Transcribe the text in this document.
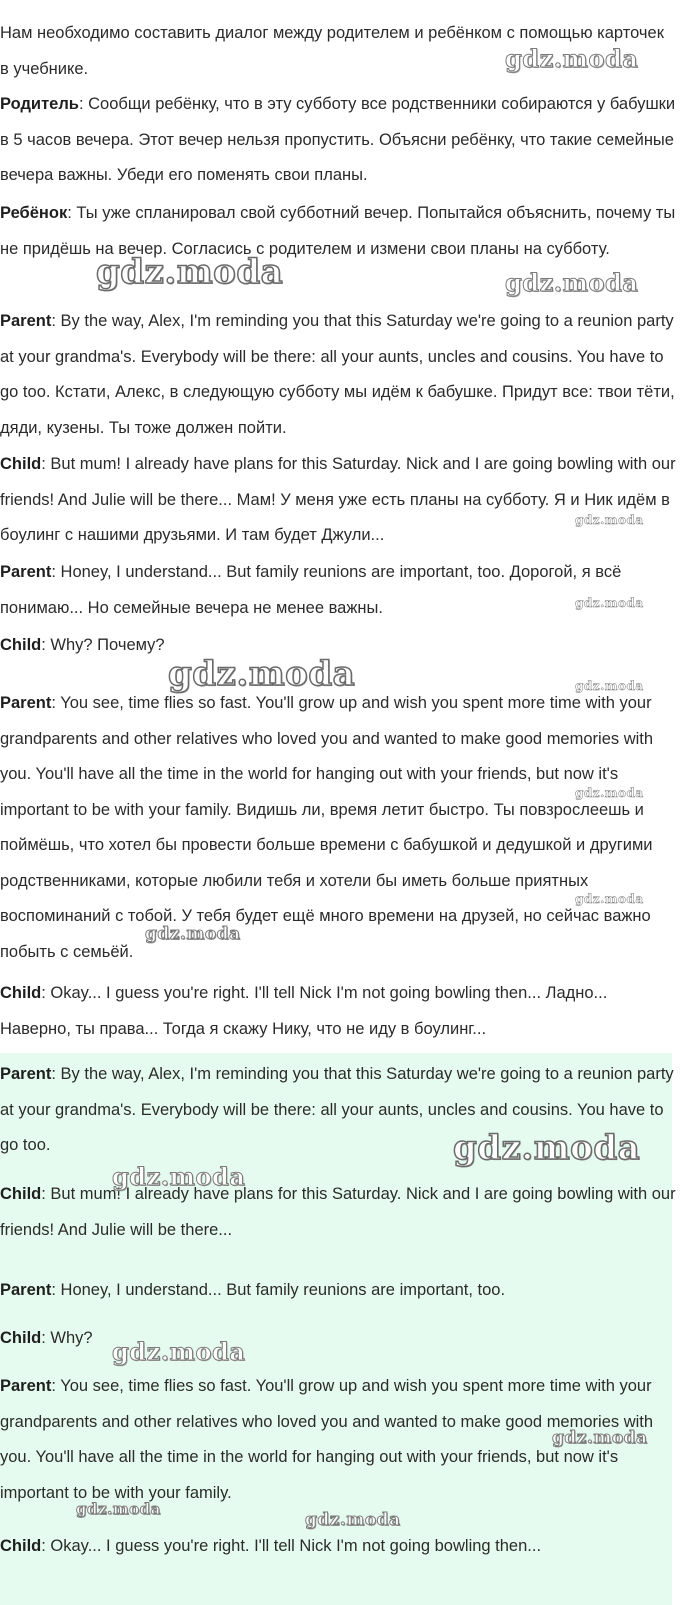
Нам необходимо составить диалог между родителем и ребёнком с помощью карточек в учебнике.

Родитель: Сообщи ребёнку, что в эту субботу все родственники собираются у бабушки в 5 часов вечера. Этот вечер нельзя пропустить. Объясни ребёнку, что такие семейные вечера важны. Убеди его поменять свои планы.

Ребёнок: Ты уже спланировал свой субботний вечер. Попытайся объяснить, почему ты не придёшь на вечер. Согласись с родителем и измени свои планы на субботу.

Parent: By the way, Alex, I'm reminding you that this Saturday we're going to a reunion party at your grandma's. Everybody will be there: all your aunts, uncles and cousins. You have to go too. Кстати, Алекс, в следующую субботу мы идём к бабушке. Придут все: твои тёти, дяди, кузены. Ты тоже должен пойти.

Child: But mum! I already have plans for this Saturday. Nick and I are going bowling with our friends! And Julie will be there... Мам! У меня уже есть планы на субботу. Я и Ник идём в боулинг с нашими друзьями. И там будет Джули...

Parent: Honey, I understand... But family reunions are important, too. Дорогой, я всё понимаю... Но семейные вечера не менее важны.

Child: Why? Почему?

Parent: You see, time flies so fast. You'll grow up and wish you spent more time with your grandparents and other relatives who loved you and wanted to make good memories with you. You'll have all the time in the world for hanging out with your friends, but now it's important to be with your family. Видишь ли, время летит быстро. Ты повзрослеешь и поймёшь, что хотел бы провести больше времени с бабушкой и дедушкой и другими родственниками, которые любили тебя и хотели бы иметь больше приятных воспоминаний с тобой. У тебя будет ещё много времени на друзей, но сейчас важно побыть с семьёй.

Child: Okay... I guess you're right. I'll tell Nick I'm not going bowling then... Ладно... Наверно, ты права... Тогда я скажу Нику, что не иду в боулинг...

Parent: By the way, Alex, I'm reminding you that this Saturday we're going to a reunion party at your grandma's. Everybody will be there: all your aunts, uncles and cousins. You have to go too.

Child: But mum! I already have plans for this Saturday. Nick and I are going bowling with our friends! And Julie will be there...

Parent: Honey, I understand... But family reunions are important, too.

Child: Why?

Parent: You see, time flies so fast. You'll grow up and wish you spent more time with your grandparents and other relatives who loved you and wanted to make good memories with you. You'll have all the time in the world for hanging out with your friends, but now it's important to be with your family.

Child: Okay... I guess you're right. I'll tell Nick I'm not going bowling then...

gdz.moda
gdz.moda	gdz.moda
gdz.moda
gdz.moda
gdz.moda	gdz.moda
gdz.moda
gdz.moda
gdz.moda
gdz.moda
gdz.moda
gdz.moda
gdz.moda
gdz.moda
gdz.moda
